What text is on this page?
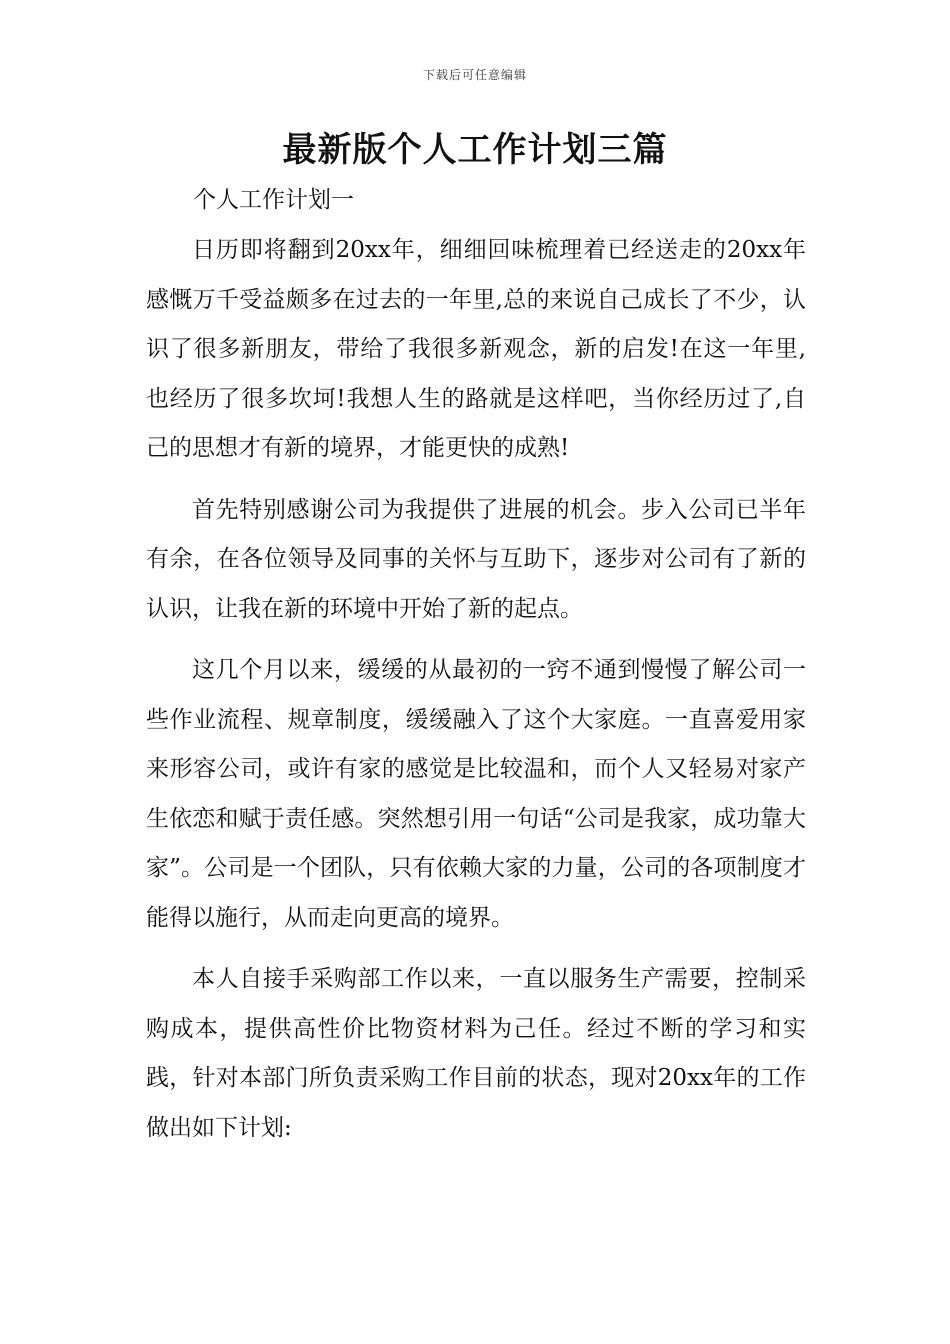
下载后可任意编辑
最新版个人工作计划三篇

个人工作计划一

日历即将翻到20xx年，细细回味梳理着已经送走的20xx年感慨万千受益颇多在过去的一年里,总的来说自己成长了不少，认识了很多新朋友，带给了我很多新观念，新的启发!在这一年里,也经历了很多坎坷!我想人生的路就是这样吧，当你经历过了,自己的思想才有新的境界，才能更快的成熟!

首先特别感谢公司为我提供了进展的机会。步入公司已半年有余，在各位领导及同事的关怀与互助下，逐步对公司有了新的认识，让我在新的环境中开始了新的起点。

这几个月以来，缓缓的从最初的一窍不通到慢慢了解公司一些作业流程、规章制度，缓缓融入了这个大家庭。一直喜爱用家来形容公司，或许有家的感觉是比较温和，而个人又轻易对家产生依恋和赋于责任感。突然想引用一句话“公司是我家，成功靠大家”。公司是一个团队，只有依赖大家的力量，公司的各项制度才能得以施行，从而走向更高的境界。

本人自接手采购部工作以来，一直以服务生产需要，控制采购成本，提供高性价比物资材料为己任。经过不断的学习和实践，针对本部门所负责采购工作目前的状态，现对20xx年的工作做出如下计划:
